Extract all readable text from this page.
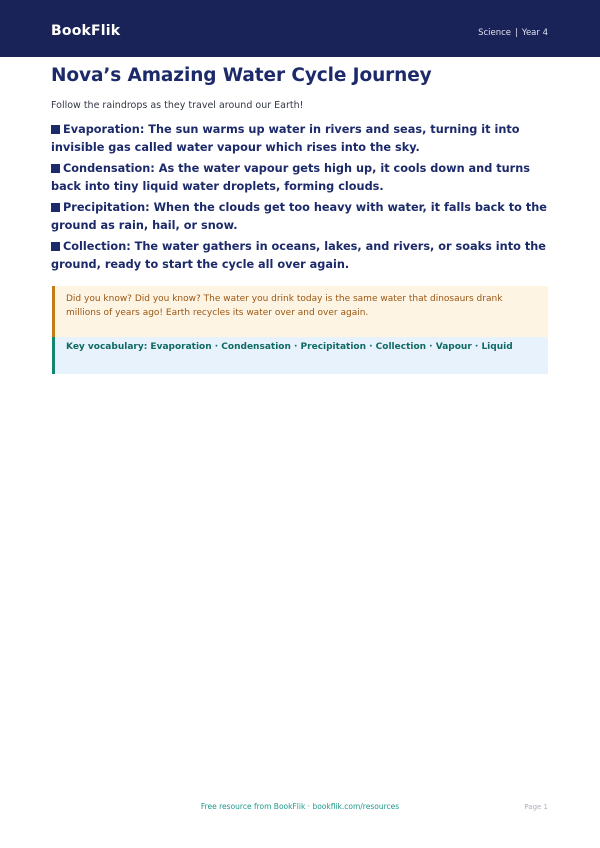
BookFlik	Science | Year 4
Nova’s Amazing Water Cycle Journey
Follow the raindrops as they travel around our Earth!
Evaporation: The sun warms up water in rivers and seas, turning it into invisible gas called water vapour which rises into the sky.
Condensation: As the water vapour gets high up, it cools down and turns back into tiny liquid water droplets, forming clouds.
Precipitation: When the clouds get too heavy with water, it falls back to the ground as rain, hail, or snow.
Collection: The water gathers in oceans, lakes, and rivers, or soaks into the ground, ready to start the cycle all over again.
Did you know? Did you know? The water you drink today is the same water that dinosaurs drank millions of years ago! Earth recycles its water over and over again.
Key vocabulary: Evaporation · Condensation · Precipitation · Collection · Vapour · Liquid
Free resource from BookFlik · bookflik.com/resources	Page 1
